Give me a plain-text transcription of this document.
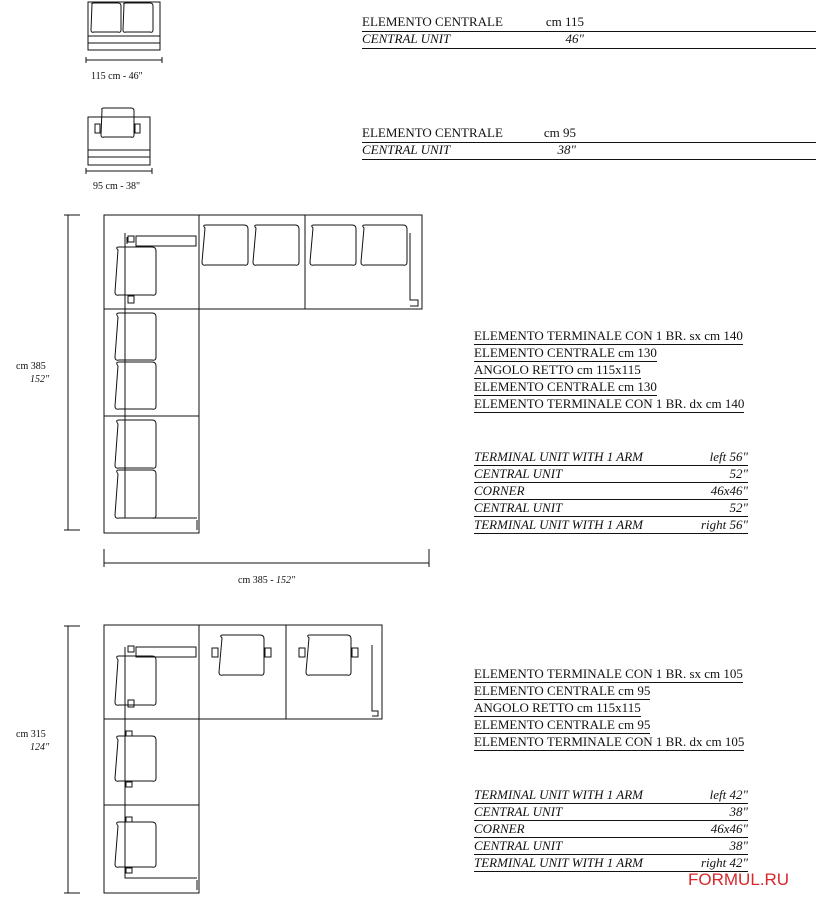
115 cm - 46"
95 cm - 38"
ELEMENTO CENTRALE	cm 115
CENTRAL UNIT	46"
ELEMENTO CENTRALE	cm 95
CENTRAL UNIT	38"
cm 385
152"
cm 385 - 152"
ELEMENTO TERMINALE CON 1 BR. sx cm 140
ELEMENTO CENTRALE cm 130
ANGOLO RETTO cm 115x115
ELEMENTO CENTRALE cm 130
ELEMENTO TERMINALE CON 1 BR. dx cm 140
TERMINAL UNIT WITH 1 ARM	left 56"
CENTRAL UNIT	52"
CORNER	46x46"
CENTRAL UNIT	52"
TERMINAL UNIT WITH 1 ARM	right 56"
cm 315
124"
ELEMENTO TERMINALE CON 1 BR. sx cm 105
ELEMENTO CENTRALE cm 95
ANGOLO RETTO cm 115x115
ELEMENTO CENTRALE cm 95
ELEMENTO TERMINALE CON 1 BR. dx cm 105
TERMINAL UNIT WITH 1 ARM	left 42"
CENTRAL UNIT	38"
CORNER	46x46"
CENTRAL UNIT	38"
TERMINAL UNIT WITH 1 ARM	right 42"
FORMUL.RU
